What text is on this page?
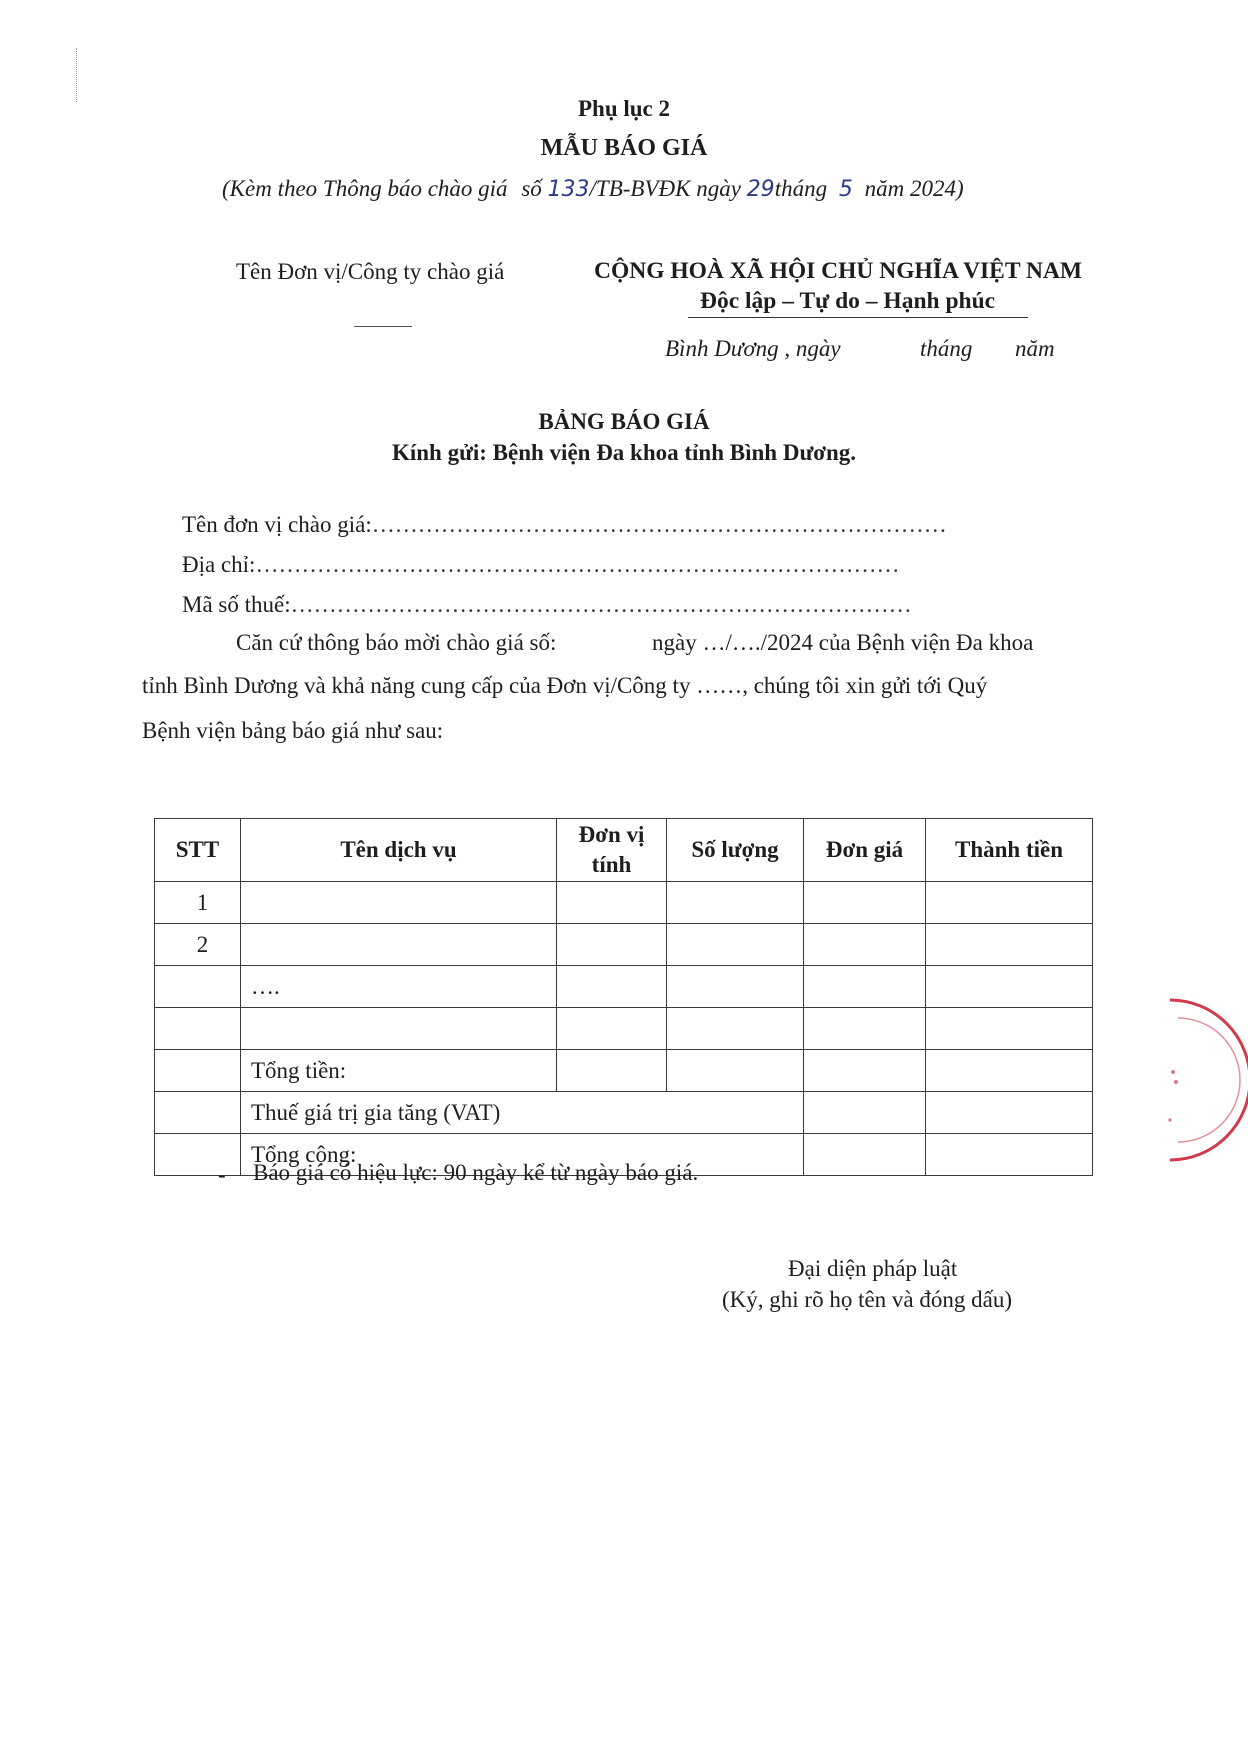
Phụ lục 2
MẪU BÁO GIÁ
(Kèm theo Thông báo chào giá số 133/TB-BVĐK ngày 29tháng 5 năm 2024)
Tên Đơn vị/Công ty chào giá	CỘNG HOÀ XÃ HỘI CHỦ NGHĨA VIỆT NAM
Độc lập – Tự do – Hạnh phúc
Bình Dương , ngày	tháng năm
BẢNG BÁO GIÁ
Kính gửi: Bệnh viện Đa khoa tỉnh Bình Dương.
Tên đơn vị chào giá:…………………………………………………………………
Địa chỉ:…………………………………………………………………………
Mã số thuế:………………………………………………………………………
Căn cứ thông báo mời chào giá số:	ngày …/…./2024 của Bệnh viện Đa khoa
tỉnh Bình Dương và khả năng cung cấp của Đơn vị/Công ty ……, chúng tôi xin gửi tới Quý
Bệnh viện bảng báo giá như sau:
STT	Tên dịch vụ	Đơn vị tính	Số lượng	Đơn giá	Thành tiền
1					
2					
	….				

	Tổng tiền:				
	Thuế giá trị gia tăng (VAT)				
	Tổng cộng:				
- Báo giá có hiệu lực: 90 ngày kể từ ngày báo giá.
Đại diện pháp luật
(Ký, ghi rõ họ tên và đóng dấu)
